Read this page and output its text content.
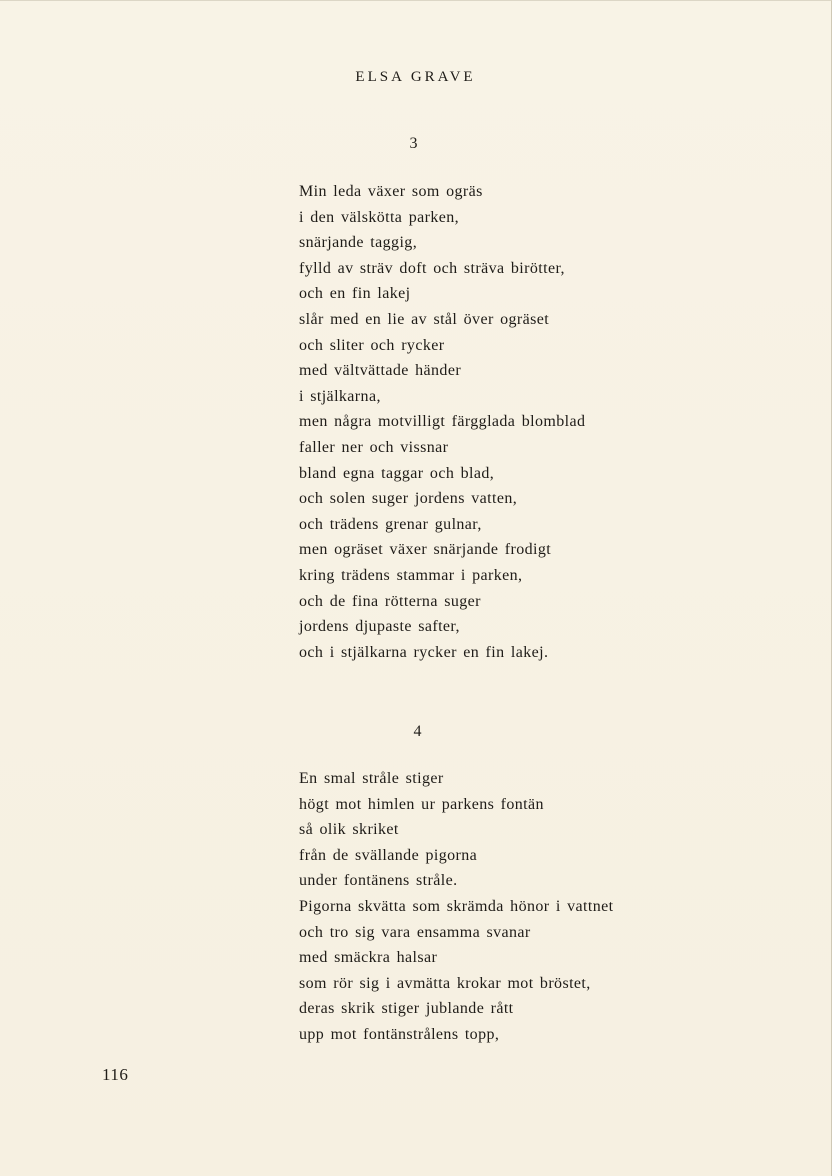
ELSA GRAVE
3
Min leda växer som ogräs
i den välskötta parken,
snärjande taggig,
fylld av sträv doft och sträva birötter,
och en fin lakej
slår med en lie av stål över ogräset
och sliter och rycker
med vältvättade händer
i stjälkarna,
men några motvilligt färgglada blomblad
faller ner och vissnar
bland egna taggar och blad,
och solen suger jordens vatten,
och trädens grenar gulnar,
men ogräset växer snärjande frodigt
kring trädens stammar i parken,
och de fina rötterna suger
jordens djupaste safter,
och i stjälkarna rycker en fin lakej.
4
En smal stråle stiger
högt mot himlen ur parkens fontän
så olik skriket
från de svällande pigorna
under fontänens stråle.
Pigorna skvätta som skrämda hönor i vattnet
och tro sig vara ensamma svanar
med smäckra halsar
som rör sig i avmätta krokar mot bröstet,
deras skrik stiger jublande rått
upp mot fontänstrålens topp,
116
